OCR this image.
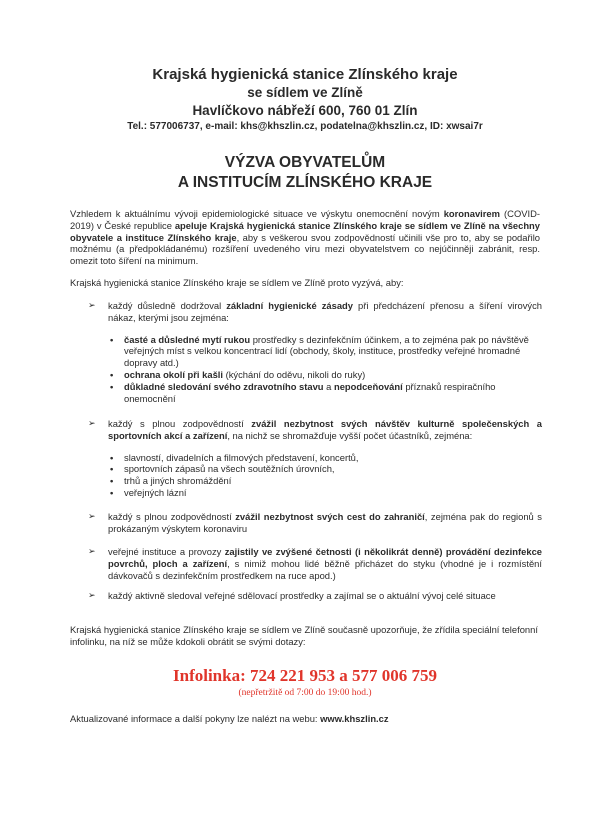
Krajská hygienická stanice Zlínského kraje
se sídlem ve Zlíně
Havlíčkovo nábřeží 600, 760 01 Zlín
Tel.: 577006737, e-mail: khs@khszlin.cz, podatelna@khszlin.cz, ID: xwsai7r
VÝZVA OBYVATELŮM
A INSTITUCÍM ZLÍNSKÉHO KRAJE
Vzhledem k aktuálnímu vývoji epidemiologické situace ve výskytu onemocnění novým koronavirem (COVID-2019) v České republice apeluje Krajská hygienická stanice Zlínského kraje se sídlem ve Zlíně na všechny obyvatele a instituce Zlínského kraje, aby s veškerou svou zodpovědností učinili vše pro to, aby se podařilo možnému (a předpokládanému) rozšíření uvedeného viru mezi obyvatelstvem co nejúčinněji zabránit, resp. omezit toto šíření na minimum.
Krajská hygienická stanice Zlínského kraje se sídlem ve Zlíně proto vyzývá, aby:
➢ každý důsledně dodržoval základní hygienické zásady při předcházení přenosu a šíření virových nákaz, kterými jsou zejména:
• časté a důsledné mytí rukou prostředky s dezinfekčním účinkem, a to zejména pak po návštěvě veřejných míst s velkou koncentrací lidí (obchody, školy, instituce, prostředky veřejné hromadné dopravy atd.)
• ochrana okolí při kašli (kýchání do oděvu, nikoli do ruky)
• důkladné sledování svého zdravotního stavu a nepodceňování příznaků respiračního onemocnění
➢ každý s plnou zodpovědností zvážil nezbytnost svých návštěv kulturně společenských a sportovních akcí a zařízení, na nichž se shromažďuje vyšší počet účastníků, zejména:
• slavností, divadelních a filmových představení, koncertů,
• sportovních zápasů na všech soutěžních úrovních,
• trhů a jiných shromáždění
• veřejných lázní
➢ každý s plnou zodpovědností zvážil nezbytnost svých cest do zahraničí, zejména pak do regionů s prokázaným výskytem koronaviru
➢ veřejné instituce a provozy zajistily ve zvýšené četnosti (i několikrát denně) provádění dezinfekce povrchů, ploch a zařízení, s nimiž mohou lidé běžně přicházet do styku (vhodné je i rozmístění dávkovačů s dezinfekčním prostředkem na ruce apod.)
➢ každý aktivně sledoval veřejné sdělovací prostředky a zajímal se o aktuální vývoj celé situace
Krajská hygienická stanice Zlínského kraje se sídlem ve Zlíně současně upozorňuje, že zřídila speciální telefonní infolinku, na níž se může kdokoli obrátit se svými dotazy:
Infolinka: 724 221 953 a 577 006 759
(nepřetržitě od 7:00 do 19:00 hod.)
Aktualizované informace a další pokyny lze nalézt na webu: www.khszlin.cz
